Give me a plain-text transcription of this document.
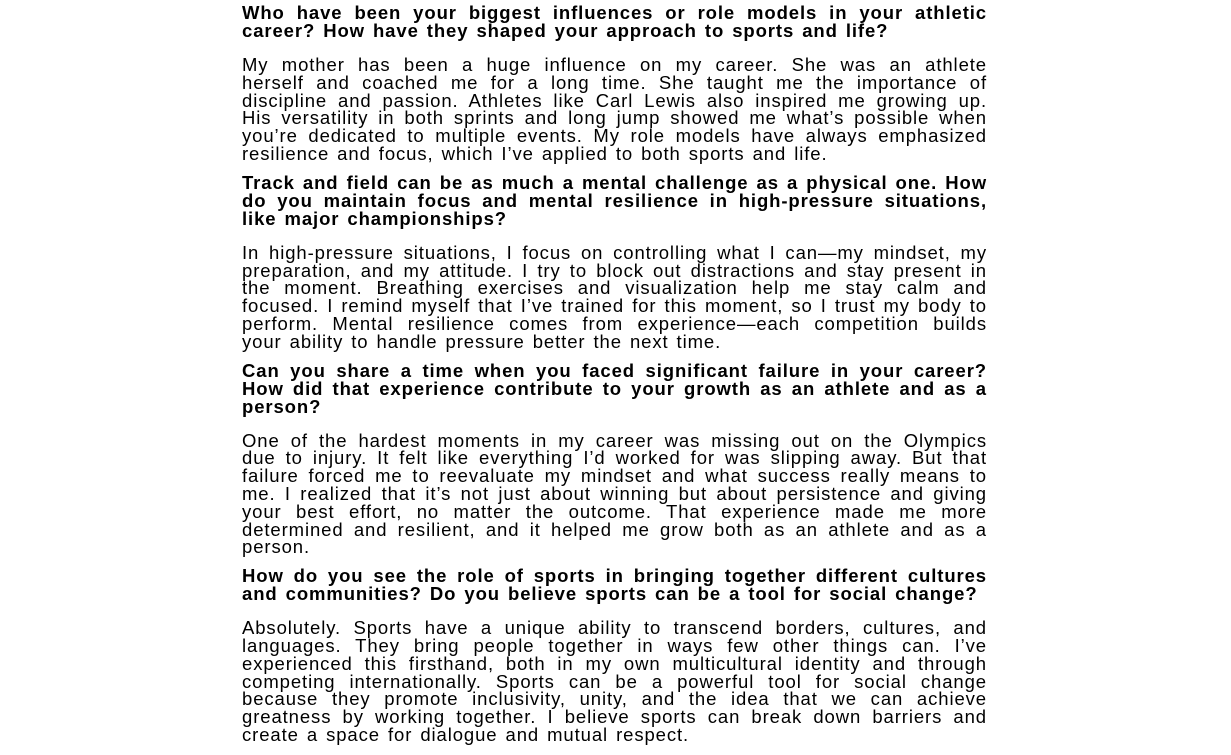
Who have been your biggest influences or role models in your athletic career? How have they shaped your approach to sports and life?

My mother has been a huge influence on my career. She was an athlete herself and coached me for a long time. She taught me the importance of discipline and passion. Athletes like Carl Lewis also inspired me growing up. His versatility in both sprints and long jump showed me what’s possible when you’re dedicated to multiple events. My role models have always emphasized resilience and focus, which I’ve applied to both sports and life.

Track and field can be as much a mental challenge as a physical one. How do you maintain focus and mental resilience in high-pressure situations, like major championships?

In high-pressure situations, I focus on controlling what I can—my mindset, my preparation, and my attitude. I try to block out distractions and stay present in the moment. Breathing exercises and visualization help me stay calm and focused. I remind myself that I’ve trained for this moment, so I trust my body to perform. Mental resilience comes from experience—each competition builds your ability to handle pressure better the next time.

Can you share a time when you faced significant failure in your career? How did that experience contribute to your growth as an athlete and as a person?

One of the hardest moments in my career was missing out on the Olympics due to injury. It felt like everything I’d worked for was slipping away. But that failure forced me to reevaluate my mindset and what success really means to me. I realized that it’s not just about winning but about persistence and giving your best effort, no matter the outcome. That experience made me more determined and resilient, and it helped me grow both as an athlete and as a person.

How do you see the role of sports in bringing together different cultures and communities? Do you believe sports can be a tool for social change?

Absolutely. Sports have a unique ability to transcend borders, cultures, and languages. They bring people together in ways few other things can. I’ve experienced this firsthand, both in my own multicultural identity and through competing internationally. Sports can be a powerful tool for social change because they promote inclusivity, unity, and the idea that we can achieve greatness by working together. I believe sports can break down barriers and create a space for dialogue and mutual respect.
